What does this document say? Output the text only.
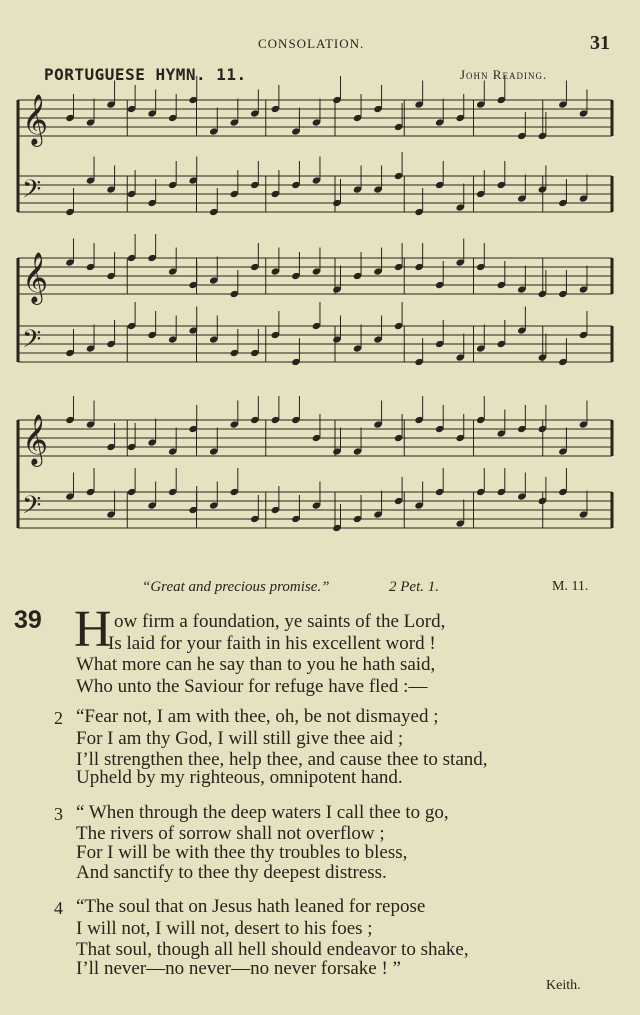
CONSOLATION.	31
PORTUGUESE HYMN. 11.	John Reading.
𝄞
𝄢
𝄞
𝄢
𝄞
𝄢
“Great and precious promise.”	2 Pet. 1.	M. 11.
39 H ow firm a foundation, ye saints of the Lord,
Is laid for your faith in his excellent word !
What more can he say than to you he hath said,
Who unto the Saviour for refuge have fled :—
2 “Fear not, I am with thee, oh, be not dismayed ;
For I am thy God, I will still give thee aid ;
I’ll strengthen thee, help thee, and cause thee to stand,
Upheld by my righteous, omnipotent hand.
3 “ When through the deep waters I call thee to go,
The rivers of sorrow shall not overflow ;
For I will be with thee thy troubles to bless,
And sanctify to thee thy deepest distress.
4 “The soul that on Jesus hath leaned for repose
I will not, I will not, desert to his foes ;
That soul, though all hell should endeavor to shake,
I’ll never—no never—no never forsake ! ”
Keith.
